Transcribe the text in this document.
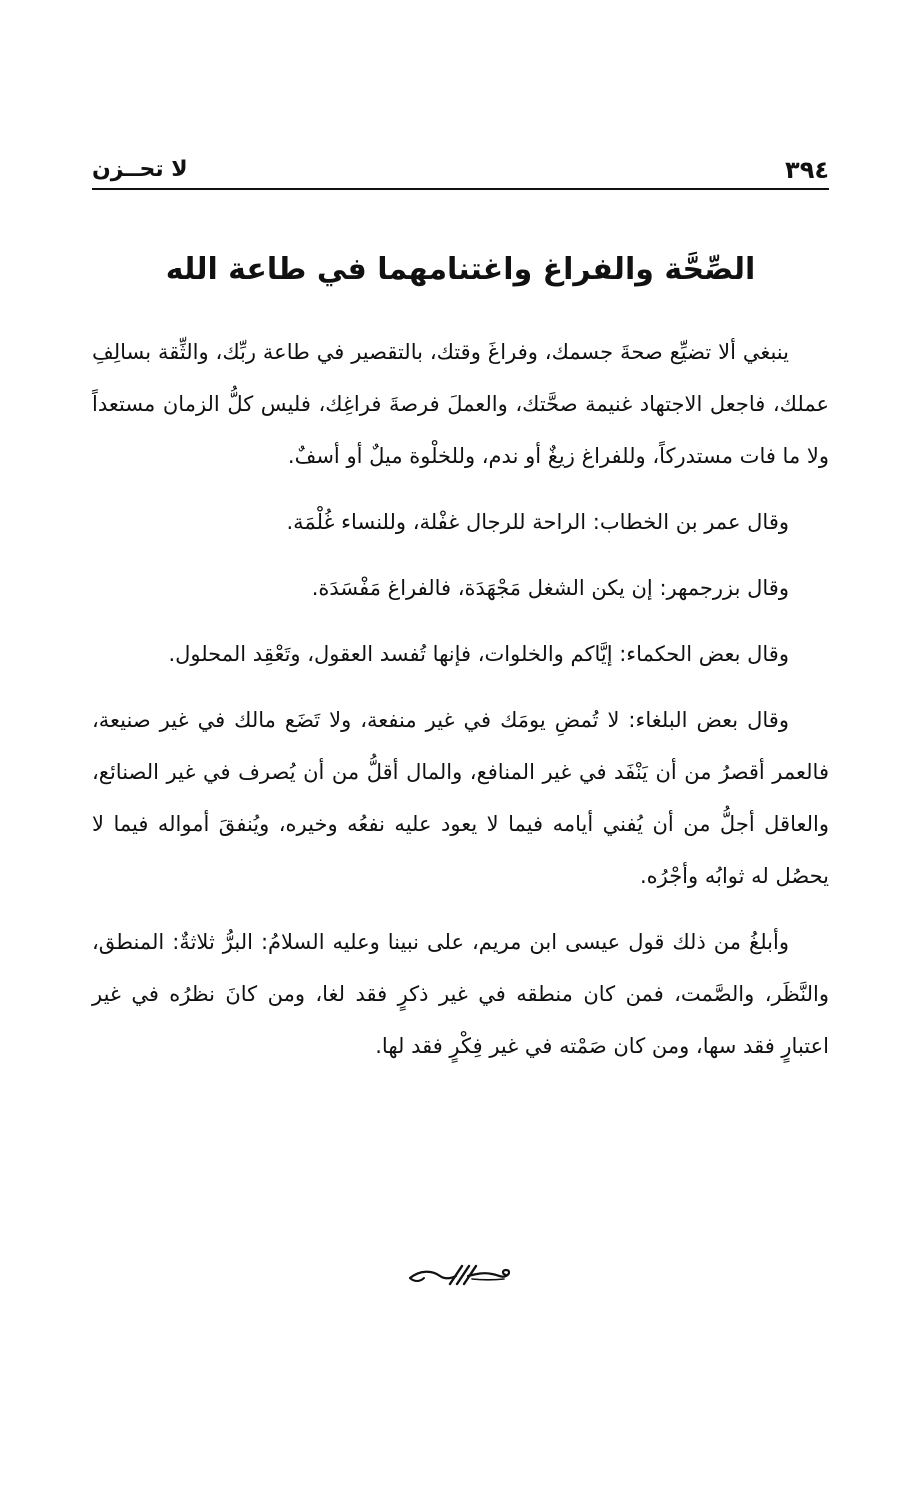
٣٩٤
لا تحــزن
الصِّحَّة والفراغ واغتنامهما في طاعة الله

ينبغي ألا تضيِّع صحةَ جسمك، وفراغَ وقتك، بالتقصير في طاعة ربِّك، والثِّقة بسالِفِ عملك، فاجعل الاجتهاد غنيمة صحَّتك، والعملَ فرصةَ فراغِك، فليس كلُّ الزمان مستعداً ولا ما فات مستدركاً، وللفراغ زيغٌ أو ندم، وللخلْوة ميلٌ أو أسفٌ.

وقال عمر بن الخطاب: الراحة للرجال غفْلة، وللنساء غُلْمَة.

وقال بزرجمهر: إن يكن الشغل مَجْهَدَة، فالفراغ مَفْسَدَة.

وقال بعض الحكماء: إيَّاكم والخلوات، فإنها تُفسد العقول، وتَعْقِد المحلول.

وقال بعض البلغاء: لا تُمضِ يومَك في غير منفعة، ولا تَضَع مالك في غير صنيعة، فالعمر أقصرُ من أن يَنْفَد في غير المنافع، والمال أقلُّ من أن يُصرف في غير الصنائع، والعاقل أجلُّ من أن يُفني أيامه فيما لا يعود عليه نفعُه وخيره، ويُنفقَ أمواله فيما لا يحصُل له ثوابُه وأجْرُه.

وأبلغُ من ذلك قول عيسى ابن مريم، على نبينا وعليه السلامُ: البرُّ ثلاثةٌ: المنطق، والنَّظَر، والصَّمت، فمن كان منطقه في غير ذكرٍ فقد لغا، ومن كانَ نظرُه في غير اعتبارٍ فقد سها، ومن كان صَمْته في غير فِكْرٍ فقد لها.
